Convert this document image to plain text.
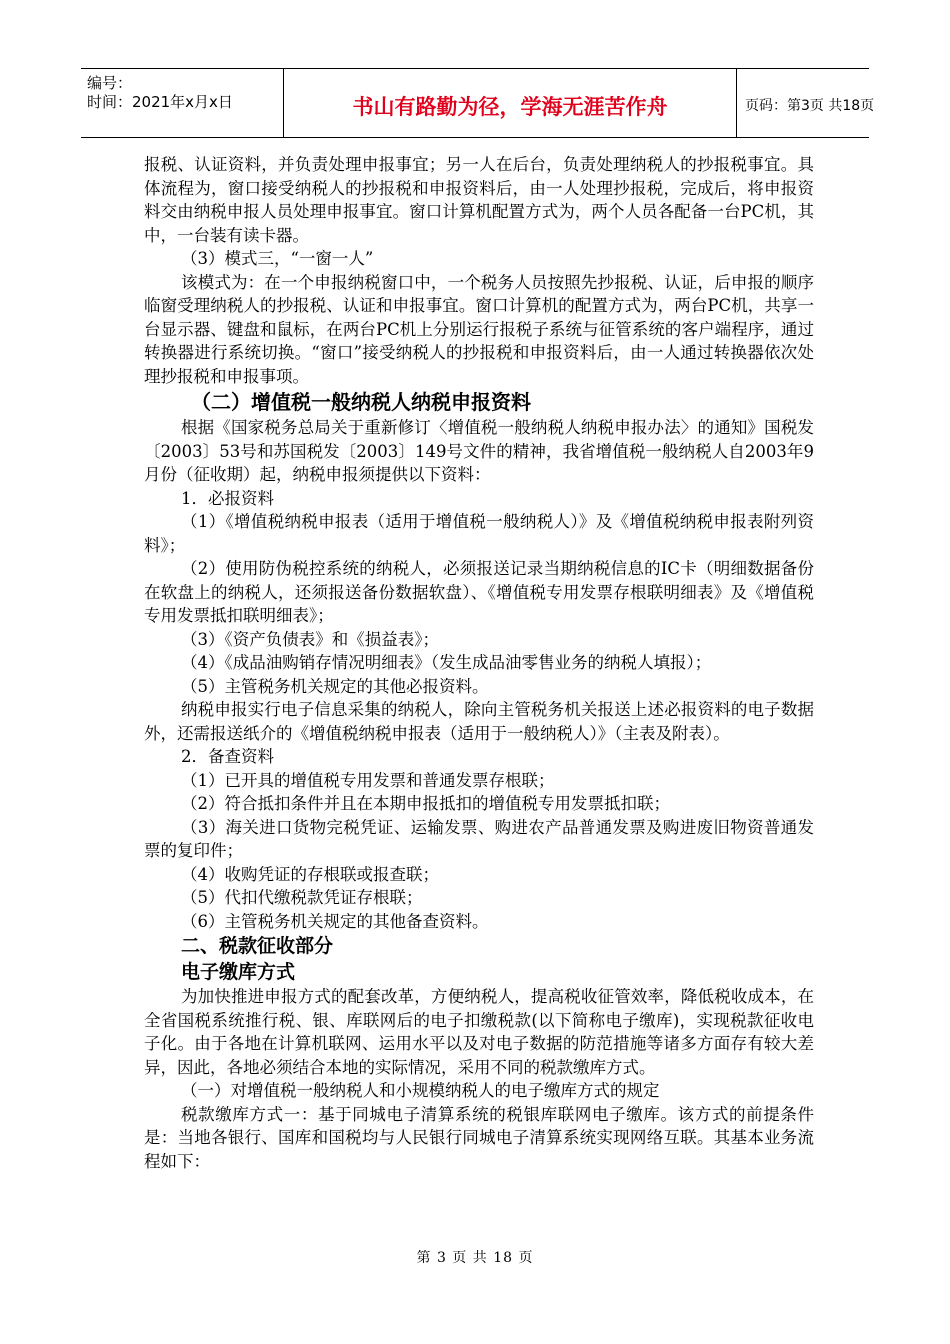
编号：
时间：2021年x月x日	书山有路勤为径，学海无涯苦作舟	页码：第3页 共18页

报税、认证资料，并负责处理申报事宜；另一人在后台，负责处理纳税人的抄报税事宜。具体流程为，窗口接受纳税人的抄报税和申报资料后，由一人处理抄报税，完成后，将申报资料交由纳税申报人员处理申报事宜。窗口计算机配置方式为，两个人员各配备一台PC机，其中，一台装有读卡器。

（3）模式三，“一窗一人”

该模式为：在一个申报纳税窗口中，一个税务人员按照先抄报税、认证，后申报的顺序临窗受理纳税人的抄报税、认证和申报事宜。窗口计算机的配置方式为，两台PC机，共享一台显示器、键盘和鼠标，在两台PC机上分别运行报税子系统与征管系统的客户端程序，通过转换器进行系统切换。“窗口”接受纳税人的抄报税和申报资料后，由一人通过转换器依次处理抄报税和申报事项。

（二）增值税一般纳税人纳税申报资料

根据《国家税务总局关于重新修订〈增值税一般纳税人纳税申报办法〉的通知》国税发〔2003〕53号和苏国税发〔2003〕149号文件的精神，我省增值税一般纳税人自2003年9月份（征收期）起，纳税申报须提供以下资料：

1．必报资料

（1）《增值税纳税申报表（适用于增值税一般纳税人）》及《增值税纳税申报表附列资料》；

（2）使用防伪税控系统的纳税人，必须报送记录当期纳税信息的IC卡（明细数据备份在软盘上的纳税人，还须报送备份数据软盘）、《增值税专用发票存根联明细表》及《增值税专用发票抵扣联明细表》；

（3）《资产负债表》和《损益表》；

（4）《成品油购销存情况明细表》（发生成品油零售业务的纳税人填报）；

（5）主管税务机关规定的其他必报资料。

纳税申报实行电子信息采集的纳税人，除向主管税务机关报送上述必报资料的电子数据外，还需报送纸介的《增值税纳税申报表（适用于一般纳税人）》（主表及附表）。

2．备查资料

（1）已开具的增值税专用发票和普通发票存根联；

（2）符合抵扣条件并且在本期申报抵扣的增值税专用发票抵扣联；

（3）海关进口货物完税凭证、运输发票、购进农产品普通发票及购进废旧物资普通发票的复印件；

（4）收购凭证的存根联或报查联；

（5）代扣代缴税款凭证存根联；

（6）主管税务机关规定的其他备查资料。

二、税款征收部分

电子缴库方式

为加快推进申报方式的配套改革，方便纳税人，提高税收征管效率，降低税收成本，在全省国税系统推行税、银、库联网后的电子扣缴税款(以下简称电子缴库)，实现税款征收电子化。由于各地在计算机联网、运用水平以及对电子数据的防范措施等诸多方面存有较大差异，因此，各地必须结合本地的实际情况，采用不同的税款缴库方式。

（一）对增值税一般纳税人和小规模纳税人的电子缴库方式的规定

税款缴库方式一：基于同城电子清算系统的税银库联网电子缴库。该方式的前提条件是：当地各银行、国库和国税均与人民银行同城电子清算系统实现网络互联。其基本业务流程如下：

第 3 页 共 18 页
